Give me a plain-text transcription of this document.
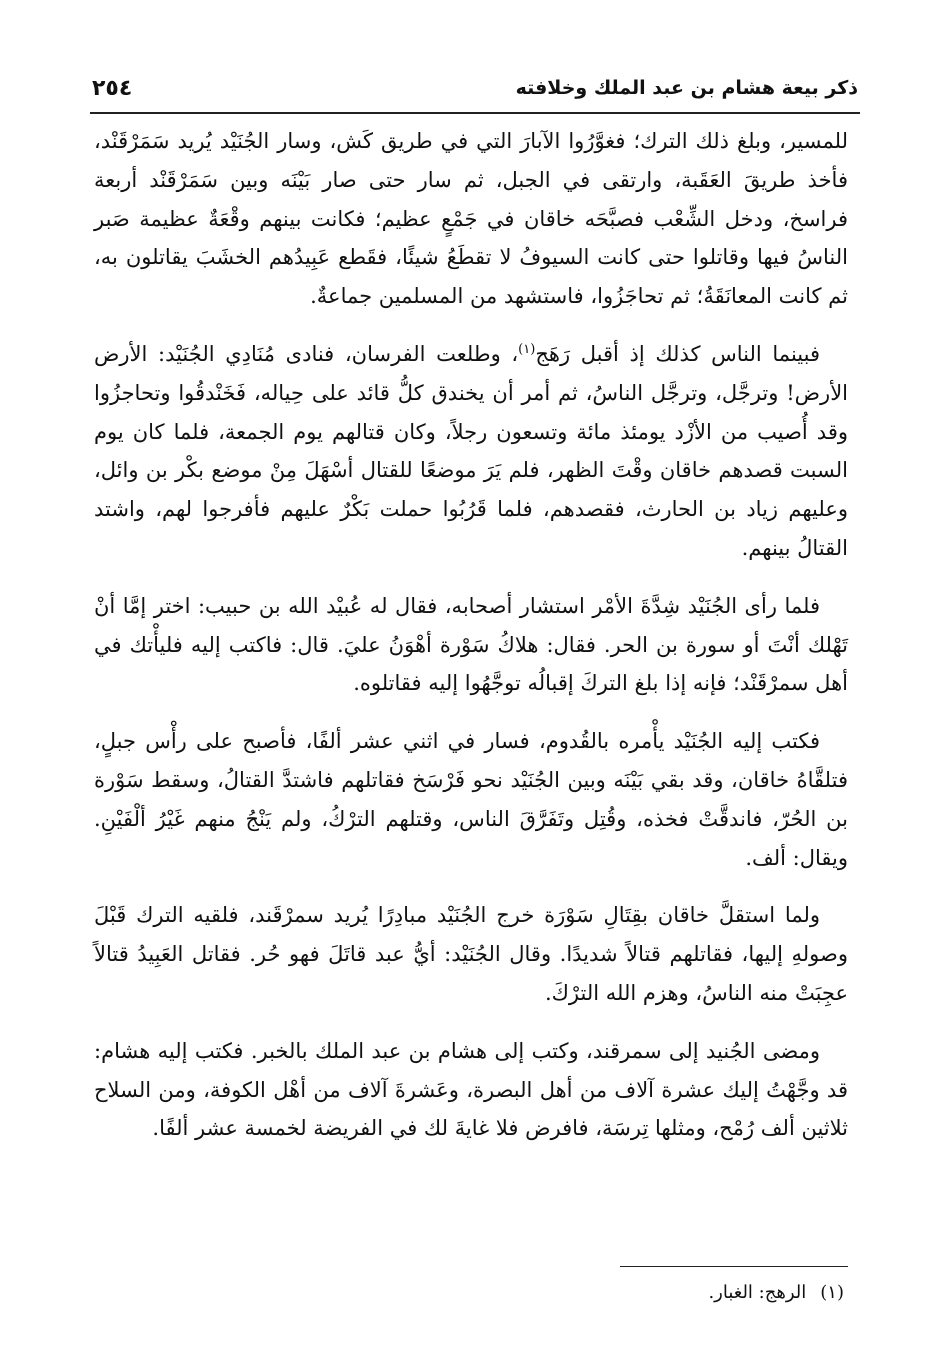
ذكر بيعة هشام بن عبد الملك وخلافته
٢٥٤

للمسير، وبلغ ذلك الترك؛ فغوَّرُوا الآبارَ التي في طريق كَش، وسار الجُنَيْد يُريد سَمَرْقَنْد، فأخذ طريقَ العَقَبة، وارتقى في الجبل، ثم سار حتى صار بَيْنَه وبين سَمَرْقَنْد أربعة فراسخ، ودخل الشِّعْب فصبَّحَه خاقان في جَمْعٍ عظيم؛ فكانت بينهم وقْعَةٌ عظيمة صَبر الناسُ فيها وقاتلوا حتى كانت السيوفُ لا تقطَعُ شيئًا، فقَطع عَبِيدُهم الخشَبَ يقاتلون به، ثم كانت المعانَقَةُ؛ ثم تحاجَزُوا، فاستشهد من المسلمين جماعةٌ.

فبينما الناس كذلك إذ أقبل رَهَج$^{(١)}$، وطلعت الفرسان، فنادى مُنَادِي الجُنَيْد: الأرض الأرض! وترجَّل، وترجَّل الناسُ، ثم أمر أن يخندق كلُّ قائد على حِياله، فَخَنْدقُوا وتحاجزُوا وقد أُصيب من الأزْد يومئذ مائة وتسعون رجلاً، وكان قتالهم يوم الجمعة، فلما كان يوم السبت قصدهم خاقان وقْتَ الظهر، فلم يَرَ موضعًا للقتال أسْهَلَ مِنْ موضع بكْر بن وائل، وعليهم زياد بن الحارث، فقصدهم، فلما قَرُبُوا حملت بَكْرٌ عليهم فأفرجوا لهم، واشتد القتالُ بينهم.

فلما رأى الجُنَيْد شِدَّةَ الأمْر استشار أصحابه، فقال له عُبيْد الله بن حبيب: اختر إمَّا أنْ تَهْلك أنْتَ أو سورة بن الحر. فقال: هلاكُ سَوْرة أهْوَنُ عليَ. قال: فاكتب إليه فليأْتك في أهل سمرْقَنْد؛ فإنه إذا بلغ التركَ إقبالُه توجَّهُوا إليه فقاتلوه.

فكتب إليه الجُنَيْد يأْمره بالقُدوم، فسار في اثني عشر ألفًا، فأصبح على رأْس جبلٍ، فتلقَّاهُ خاقان، وقد بقي بَيْنَه وبين الجُنَيْد نحو فَرْسَخ فقاتلهم فاشتدَّ القتالُ، وسقط سَوْرة بن الحُرّ، فاندقَّتْ فخذه، وقُتِل وتَفَرَّقَ الناس، وقتلهم الترْكُ، ولم يَنْجُ منهم غَيْرُ ألْفَيْنِ. ويقال: ألف.

ولما استقلَّ خاقان بقِتَالِ سَوْرَة خرج الجُنَيْد مبادِرًا يُريد سمرْقَند، فلقيه الترك قَبْلَ وصولهِ إليها، فقاتلهم قتالاً شديدًا. وقال الجُنَيْد: أيُّ عبد قاتَلَ فهو حُر. فقاتل العَبِيدُ قتالاً عجِبَتْ منه الناسُ، وهزم الله الترْكَ.

ومضى الجُنيد إلى سمرقند، وكتب إلى هشام بن عبد الملك بالخبر. فكتب إليه هشام: قد وجَّهْتُ إليك عشرة آلاف من أهل البصرة، وعَشرةَ آلاف من أهْل الكوفة، ومن السلاح ثلاثين ألف رُمْح، ومثلها تِرسَة، فافرض فلا غايةَ لك في الفريضة لخمسة عشر ألفًا.

(١)
الرهج: الغبار.
